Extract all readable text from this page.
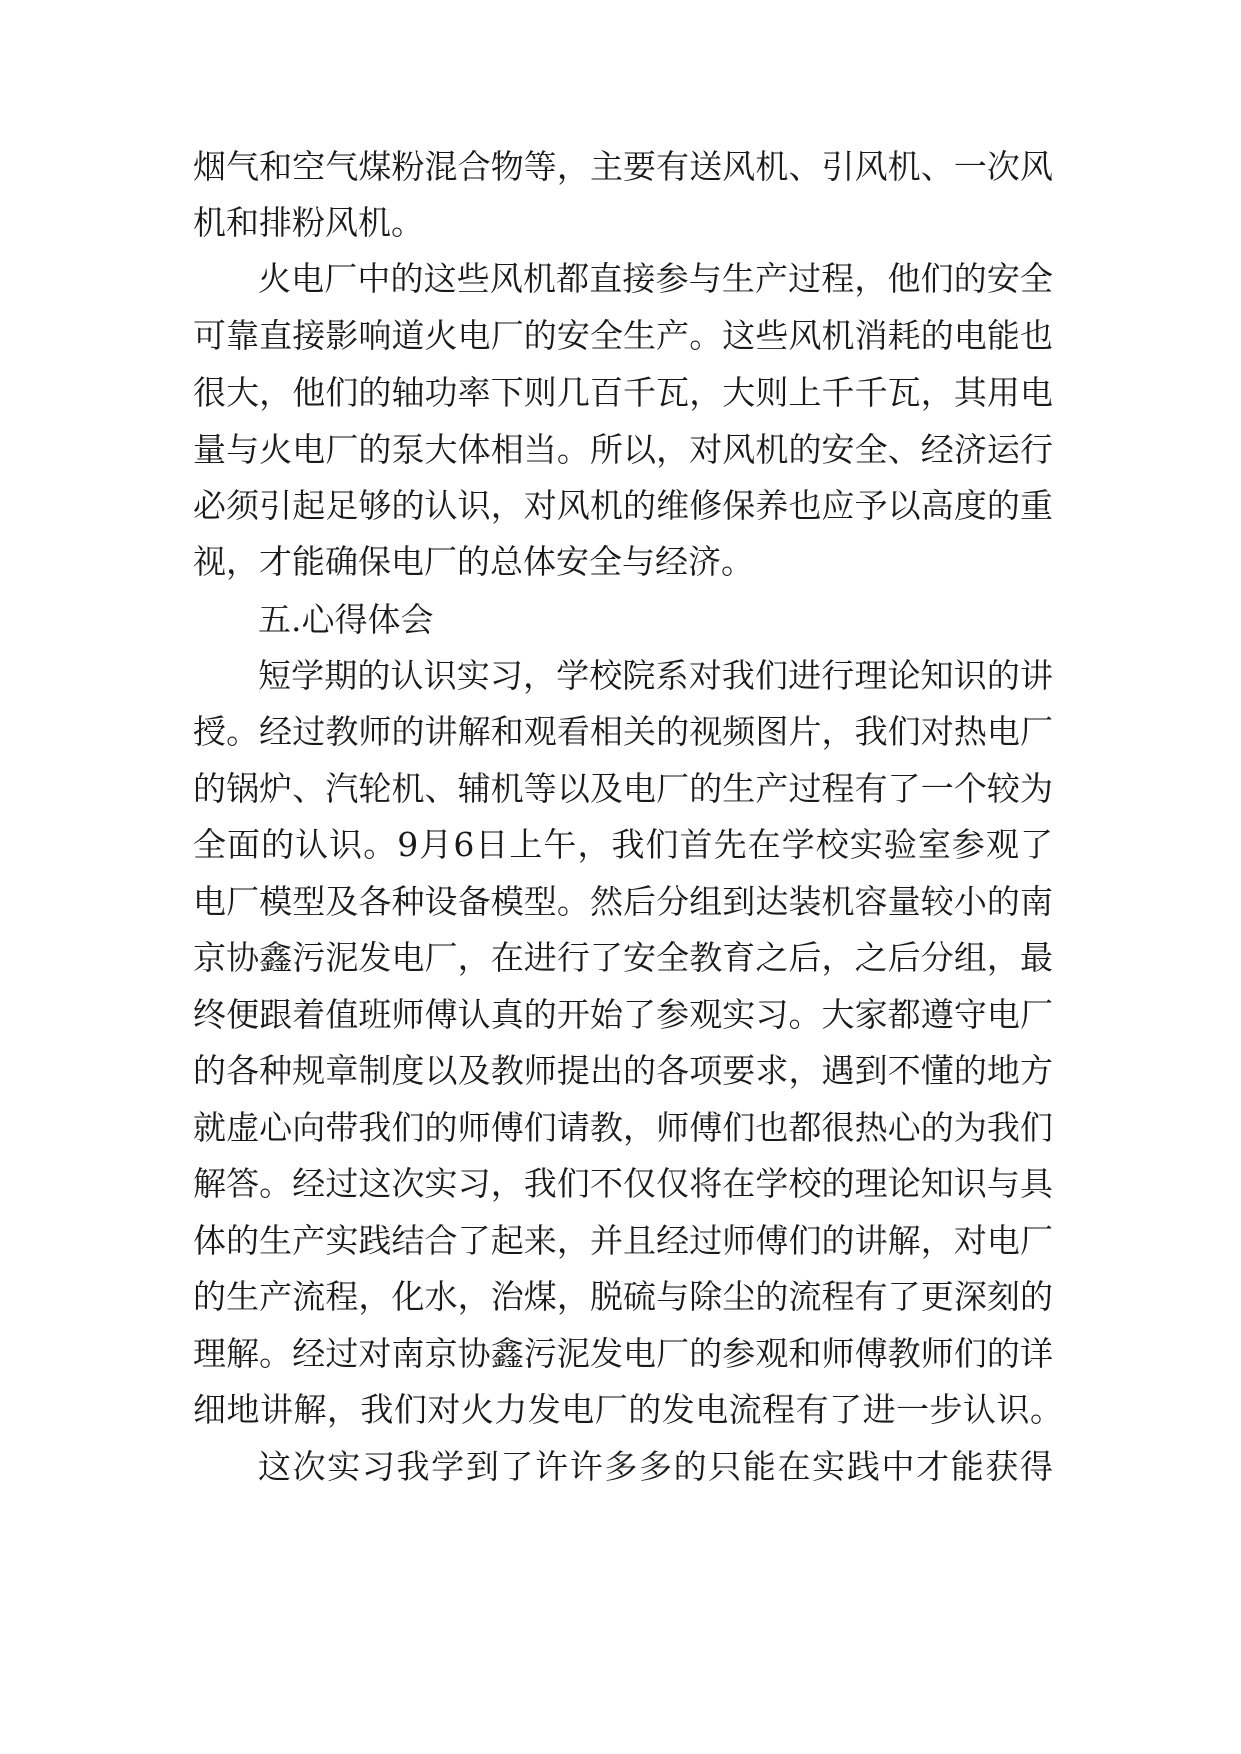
烟气和空气煤粉混合物等，主要有送风机、引风机、一次风
机和排粉风机。
火电厂中的这些风机都直接参与生产过程，他们的安全
可靠直接影响道火电厂的安全生产。这些风机消耗的电能也
很大，他们的轴功率下则几百千瓦，大则上千千瓦，其用电
量与火电厂的泵大体相当。所以，对风机的安全、经济运行
必须引起足够的认识，对风机的维修保养也应予以高度的重
视，才能确保电厂的总体安全与经济。
五.心得体会
短学期的认识实习，学校院系对我们进行理论知识的讲
授。经过教师的讲解和观看相关的视频图片，我们对热电厂
的锅炉、汽轮机、辅机等以及电厂的生产过程有了一个较为
全面的认识。9月6日上午，我们首先在学校实验室参观了
电厂模型及各种设备模型。然后分组到达装机容量较小的南
京协鑫污泥发电厂，在进行了安全教育之后，之后分组，最
终便跟着值班师傅认真的开始了参观实习。大家都遵守电厂
的各种规章制度以及教师提出的各项要求，遇到不懂的地方
就虚心向带我们的师傅们请教，师傅们也都很热心的为我们
解答。经过这次实习，我们不仅仅将在学校的理论知识与具
体的生产实践结合了起来，并且经过师傅们的讲解，对电厂
的生产流程，化水，治煤，脱硫与除尘的流程有了更深刻的
理解。经过对南京协鑫污泥发电厂的参观和师傅教师们的详
细地讲解，我们对火力发电厂的发电流程有了进一步认识。
这次实习我学到了许许多多的只能在实践中才能获得
